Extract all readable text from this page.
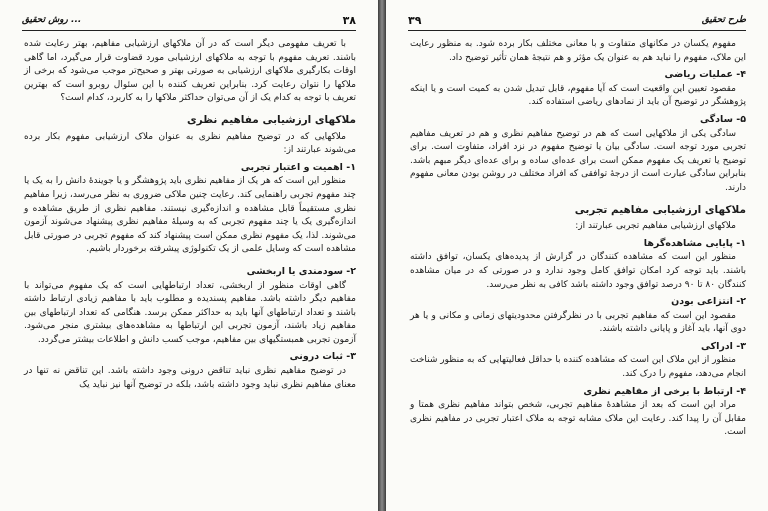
۳۸
روش تحقیق ...

با تعریف مفهومی دیگر است که در آن ملاکهای ارزشیابی مفاهیم، بهتر رعایت شده باشند. تعریف مفهوم با توجه به ملاکهای ارزشیابی مورد قضاوت قرار می‌گیرد، اما گاهی اوقات بکارگیری ملاکهای ارزشیابی به صورتی بهتر و صحیح‌تر موجب می‌شود که برخی از ملاکها را نتوان رعایت کرد. بنابراین تعریف کننده با این سئوال روبرو است که بهترین تعریف با توجه به کدام یک از آن می‌توان حداکثر ملاکها را به کاربرد، کدام است؟

ملاکهای ارزشیابی مفاهیم نظری

ملاکهایی که در توضیح مفاهیم نظری به عنوان ملاک ارزشیابی مفهوم بکار برده می‌شوند عبارتند از:

۱- اهمیت و اعتبار تجربی

منظور این است که هر یک از مفاهیم نظری باید پژوهشگر و یا جوینده‌ٔ دانش را به یک یا چند مفهوم تجربی راهنمایی کند. رعایت چنین ملاکی ضروری به نظر می‌رسد، زیرا مفاهیم نظری مستقیماً قابل مشاهده و اندازه‌گیری نیستند. مفاهیم نظری از طریق مشاهده و اندازه‌گیری یک یا چند مفهوم تجربی که به وسیلهٔ مفاهیم نظری پیشنهاد می‌شوند آزمون می‌شوند. لذا، یک مفهوم نظری ممکن است پیشنهاد کند که مفهوم تجربی در صورتی قابل مشاهده است که وسایل علمی از یک تکنولوژی پیشرفته برخوردار باشیم.

۲- سودمندی یا اربخشی

گاهی اوقات منظور از اربخشی، تعداد ارتباطهایی است که یک مفهوم می‌تواند با مفاهیم دیگر داشته باشد. مفاهیم پسندیده و مطلوب باید با مفاهیم زیادی ارتباط داشته باشند و تعداد ارتباطهای آنها باید به حداکثر ممکن برسد. هنگامی که تعداد ارتباطهای بین مفاهیم زیاد باشند، آزمون تجربی این ارتباطها به مشاهده‌های بیشتری منجر می‌شود. آزمون تجربی همبستگیهای بین مفاهیم، موجب کسب دانش و اطلاعات بیشتر می‌گردد.

۳- ثبات درونی

در توضیح مفاهیم نظری نباید تناقض درونی وجود داشته باشد. این تناقض نه تنها در معنای مفاهیم نظری نباید وجود داشته باشد، بلکه در توضیح آنها نیز نباید یک

۳۹	طرح تحقیق

مفهوم یکسان در مکانهای متفاوت و با معانی مختلف بکار برده شود. به منظور رعایت این ملاک، مفهوم را نباید هم به عنوان یک مؤثر و هم نتیجهٔ همان تأثیر توضیح داد.

۴- عملیات ریاضی

مقصود تعیین این واقعیت است که آیا مفهوم، قابل تبدیل شدن به کمیت است و یا اینکه پژوهشگر در توضیح آن باید از نمادهای ریاضی استفاده کند.

۵- سادگی

سادگی یکی از ملاکهایی است که هم در توضیح مفاهیم نظری و هم در تعریف مفاهیم تجربی مورد توجه است. سادگی بیان یا توضیح مفهوم در نزد افراد، متفاوت است. برای توضیح یا تعریف یک مفهوم ممکن است برای عده‌ای ساده و برای عده‌ای دیگر مبهم باشد. بنابراین سادگی عبارت است از درجهٔ توافقی که افراد مختلف در روشن بودن معانی مفهوم دارند.

ملاکهای ارزشیابی مفاهیم تجربی

ملاکهای ارزشیابی مفاهیم تجربی عبارتند از:

۱- پایایی مشاهده‌گرها

منظور این است که مشاهده کنندگان در گزارش از پدیده‌های یکسان، توافق داشته باشند. باید توجه کرد امکان توافق کامل وجود ندارد و در صورتی که در میان مشاهده کنندگان ۸۰ تا ۹۰ درصد توافق وجود داشته باشد کافی به نظر می‌رسد.

۲- انتزاعی بودن

مقصود این است که مفاهیم تجربی با در نظرگرفتن محدودیتهای زمانی و مکانی و یا هر دوی آنها، باید آغاز و پایانی داشته باشند.

۳- ادراکی

منظور از این ملاک این است که مشاهده کننده با حداقل فعالیتهایی که به منظور شناخت انجام می‌دهد، مفهوم را درک کند.

۴- ارتباط با برخی از مفاهیم نظری

مراد این است که بعد از مشاهدهٔ مفاهیم تجربی، شخص بتواند مفاهیم نظری همتا و مقابل آن را پیدا کند. رعایت این ملاک مشابه توجه به ملاک اعتبار تجربی در مفاهیم نظری است.
